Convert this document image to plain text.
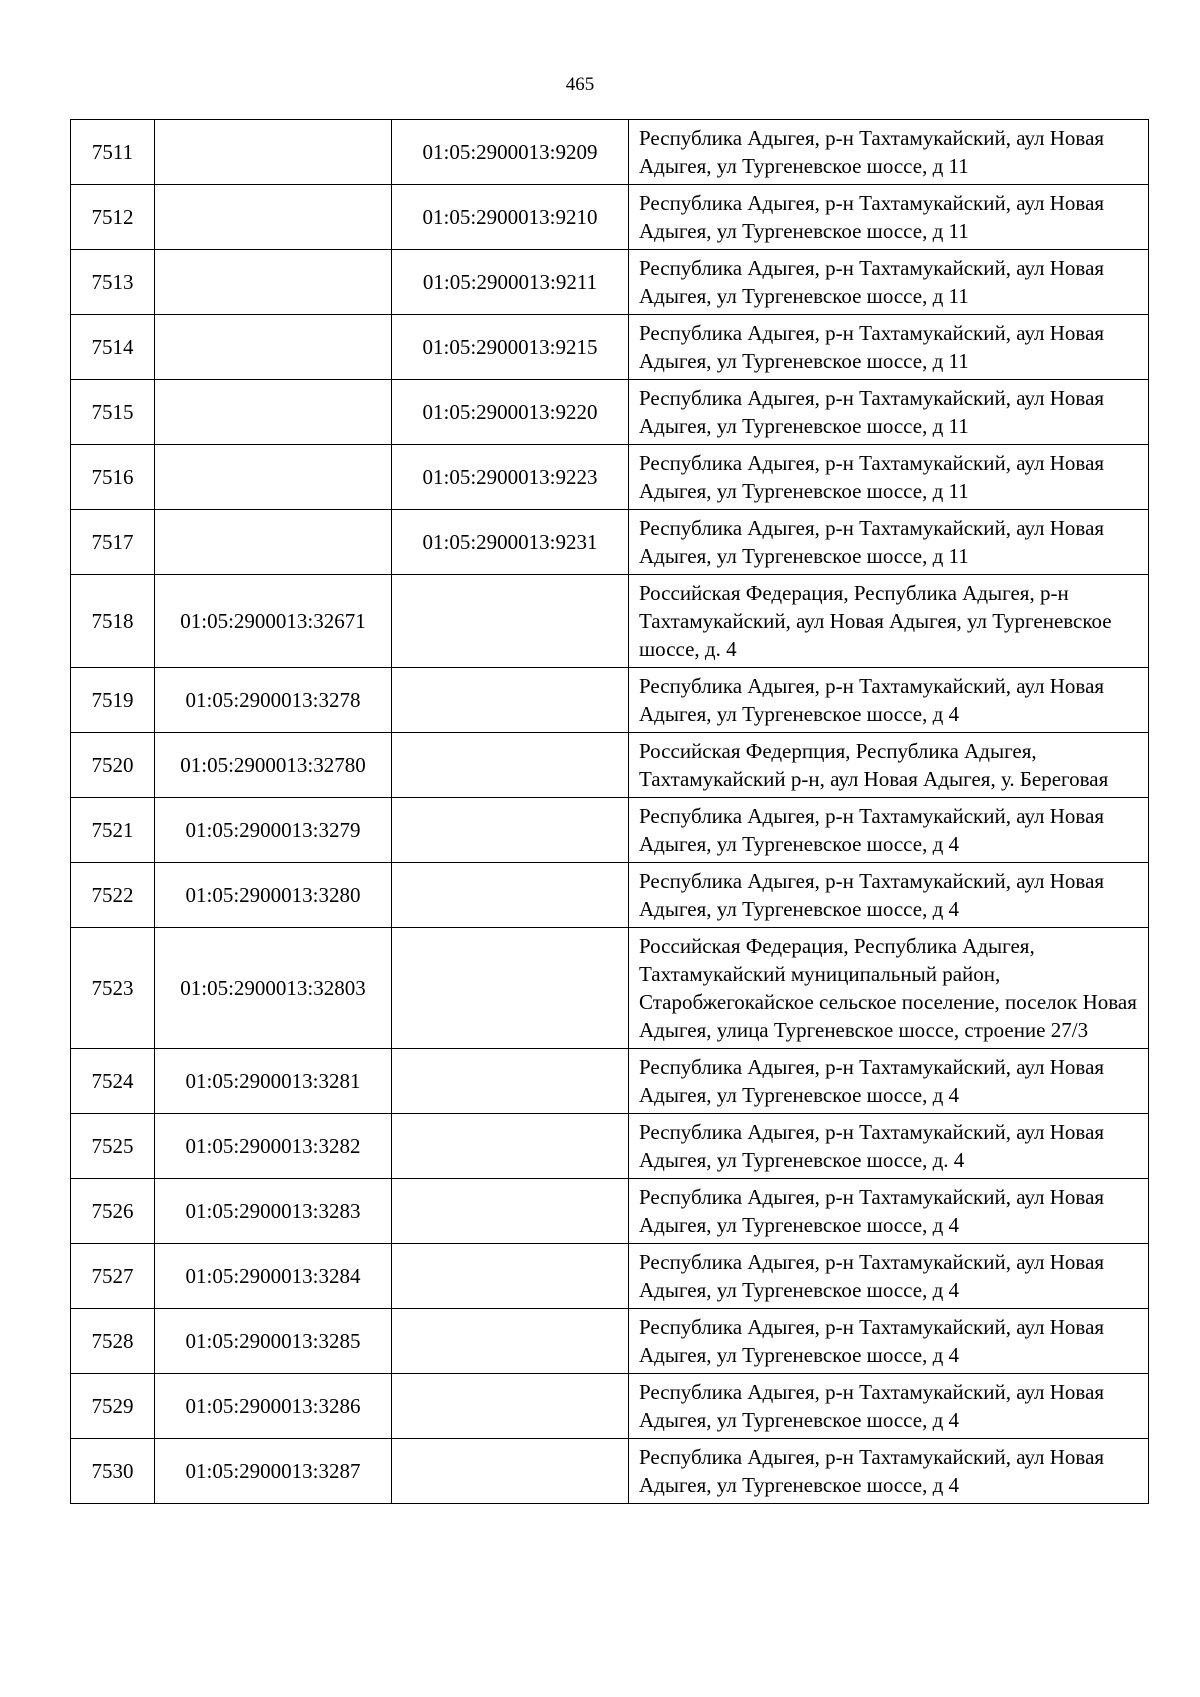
465
7511		01:05:2900013:9209	Республика Адыгея, р-н Тахтамукайский, аул Новая Адыгея, ул Тургеневское шоссе, д 11
7512		01:05:2900013:9210	Республика Адыгея, р-н Тахтамукайский, аул Новая Адыгея, ул Тургеневское шоссе, д 11
7513		01:05:2900013:9211	Республика Адыгея, р-н Тахтамукайский, аул Новая Адыгея, ул Тургеневское шоссе, д 11
7514		01:05:2900013:9215	Республика Адыгея, р-н Тахтамукайский, аул Новая Адыгея, ул Тургеневское шоссе, д 11
7515		01:05:2900013:9220	Республика Адыгея, р-н Тахтамукайский, аул Новая Адыгея, ул Тургеневское шоссе, д 11
7516		01:05:2900013:9223	Республика Адыгея, р-н Тахтамукайский, аул Новая Адыгея, ул Тургеневское шоссе, д 11
7517		01:05:2900013:9231	Республика Адыгея, р-н Тахтамукайский, аул Новая Адыгея, ул Тургеневское шоссе, д 11
7518	01:05:2900013:32671		Российская Федерация, Республика Адыгея, р-н Тахтамукайский, аул Новая Адыгея, ул Тургеневское шоссе, д. 4
7519	01:05:2900013:3278		Республика Адыгея, р-н Тахтамукайский, аул Новая Адыгея, ул Тургеневское шоссе, д 4
7520	01:05:2900013:32780		Российская Федерпция, Республика Адыгея, Тахтамукайский р-н, аул Новая Адыгея, у. Береговая
7521	01:05:2900013:3279		Республика Адыгея, р-н Тахтамукайский, аул Новая Адыгея, ул Тургеневское шоссе, д 4
7522	01:05:2900013:3280		Республика Адыгея, р-н Тахтамукайский, аул Новая Адыгея, ул Тургеневское шоссе, д 4
7523	01:05:2900013:32803		Российская Федерация, Республика Адыгея, Тахтамукайский муниципальный район, Старобжегокайское сельское поселение, поселок Новая Адыгея, улица Тургеневское шоссе, строение 27/3
7524	01:05:2900013:3281		Республика Адыгея, р-н Тахтамукайский, аул Новая Адыгея, ул Тургеневское шоссе, д 4
7525	01:05:2900013:3282		Республика Адыгея, р-н Тахтамукайский, аул Новая Адыгея, ул Тургеневское шоссе, д. 4
7526	01:05:2900013:3283		Республика Адыгея, р-н Тахтамукайский, аул Новая Адыгея, ул Тургеневское шоссе, д 4
7527	01:05:2900013:3284		Республика Адыгея, р-н Тахтамукайский, аул Новая Адыгея, ул Тургеневское шоссе, д 4
7528	01:05:2900013:3285		Республика Адыгея, р-н Тахтамукайский, аул Новая Адыгея, ул Тургеневское шоссе, д 4
7529	01:05:2900013:3286		Республика Адыгея, р-н Тахтамукайский, аул Новая Адыгея, ул Тургеневское шоссе, д 4
7530	01:05:2900013:3287		Республика Адыгея, р-н Тахтамукайский, аул Новая Адыгея, ул Тургеневское шоссе, д 4
